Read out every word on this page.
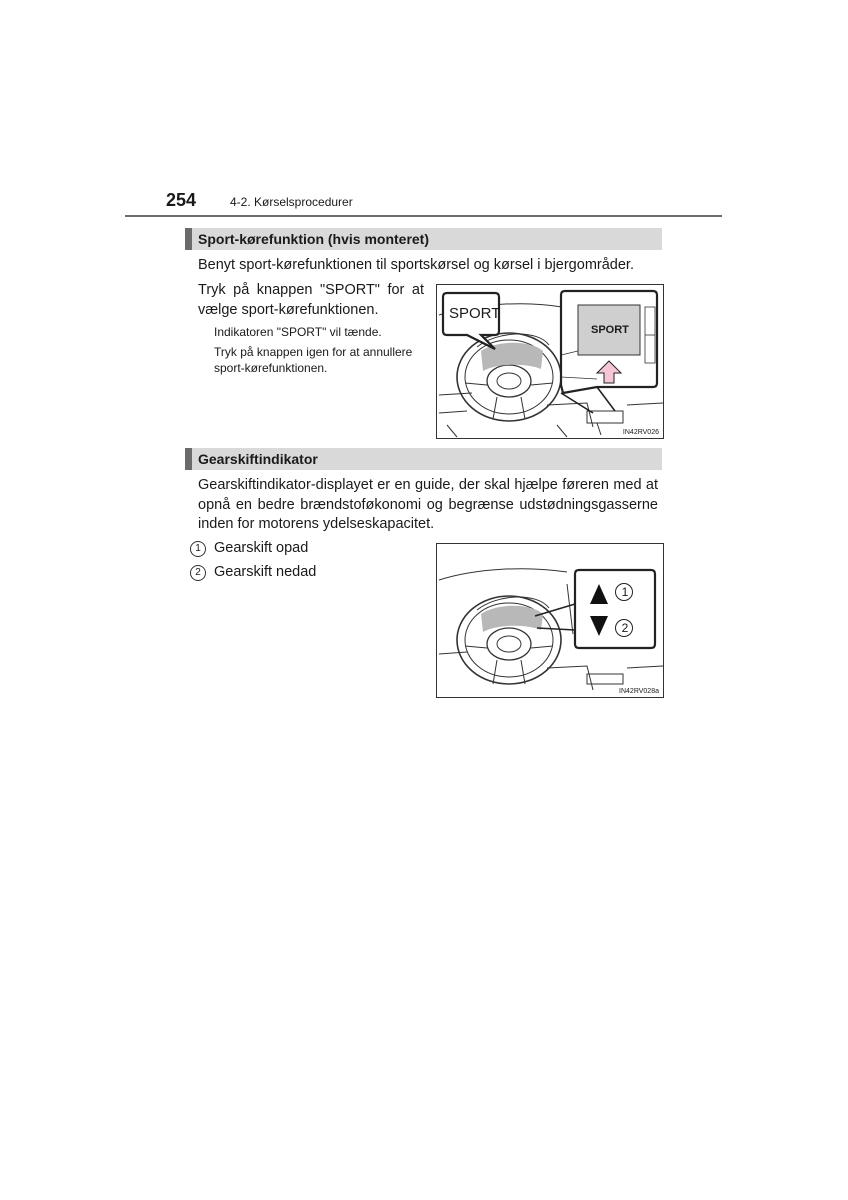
254	4-2. Kørselsprocedurer
Sport-kørefunktion (hvis monteret)
Benyt sport-kørefunktionen til sportskørsel og kørsel i bjergområder.
Tryk på knappen "SPORT" for at vælge sport-kørefunktionen.
Indikatoren "SPORT" vil tænde.
Tryk på knappen igen for at annullere sport-kørefunktionen.
SPORT
SPORT
IN42RV026
Gearskiftindikator
Gearskiftindikator-displayet er en guide, der skal hjælpe føreren med at opnå en bedre brændstoføkonomi og begrænse udstødningsgasserne inden for motorens ydelseskapacitet.
1 Gearskift opad
2 Gearskift nedad
1
2
IN42RV028a
